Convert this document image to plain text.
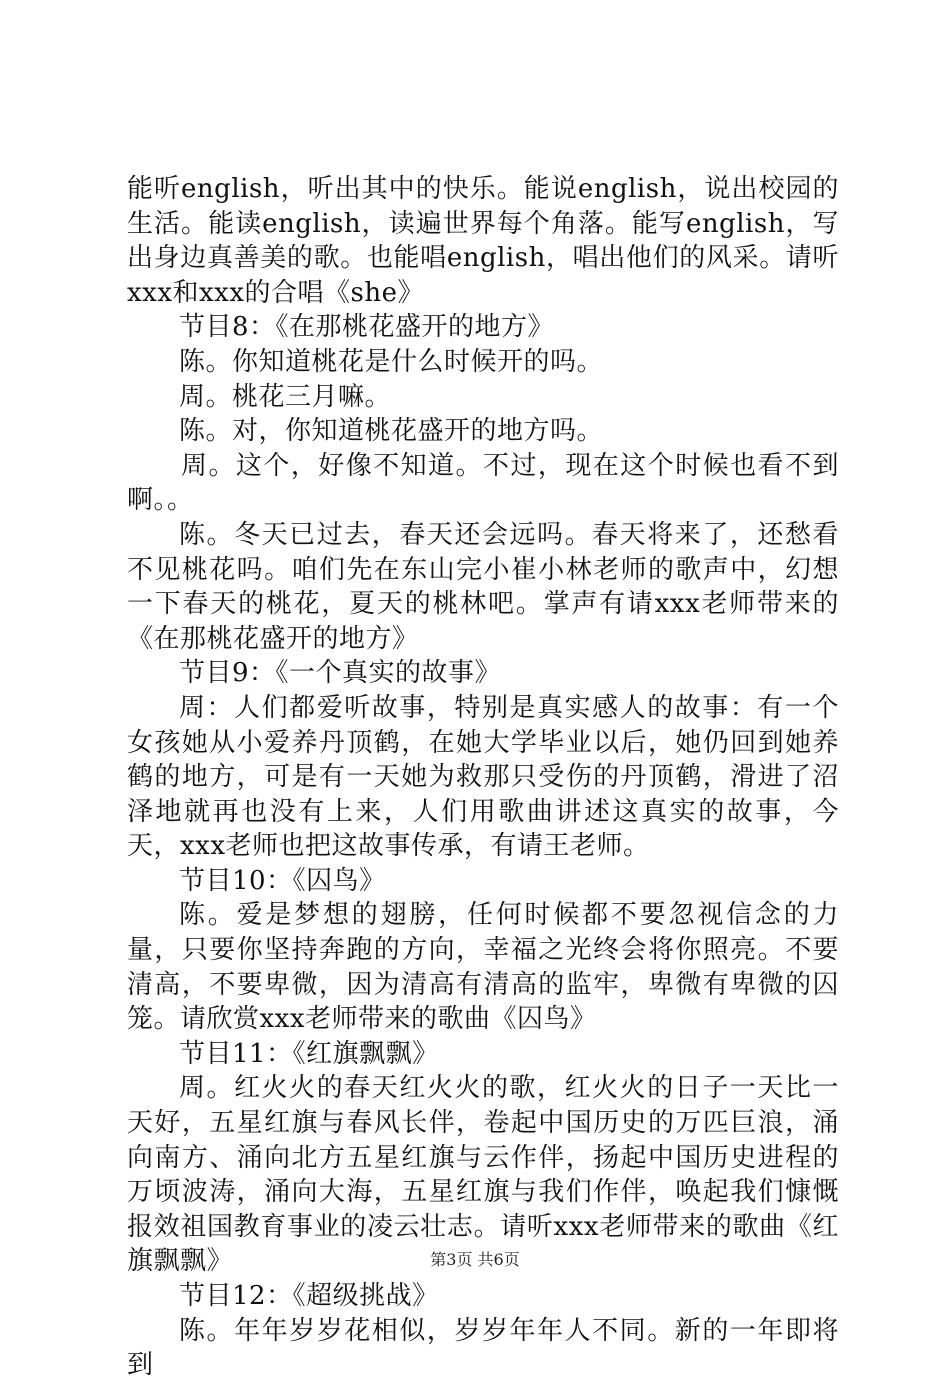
能听english，听出其中的快乐。能说english，说出校园的生活。能读english，读遍世界每个角落。能写english，写出身边真善美的歌。也能唱english，唱出他们的风采。请听xxx和xxx的合唱《she》

节目8：《在那桃花盛开的地方》

陈。你知道桃花是什么时候开的吗。

周。桃花三月嘛。

陈。对，你知道桃花盛开的地方吗。

周。这个，好像不知道。不过，现在这个时候也看不到啊。。

陈。冬天已过去，春天还会远吗。春天将来了，还愁看不见桃花吗。咱们先在东山完小崔小林老师的歌声中，幻想一下春天的桃花，夏天的桃林吧。掌声有请xxx老师带来的《在那桃花盛开的地方》

节目9：《一个真实的故事》

周：人们都爱听故事，特别是真实感人的故事：有一个女孩她从小爱养丹顶鹤，在她大学毕业以后，她仍回到她养鹤的地方，可是有一天她为救那只受伤的丹顶鹤，滑进了沼泽地就再也没有上来，人们用歌曲讲述这真实的故事，今天，xxx老师也把这故事传承，有请王老师。

节目10：《囚鸟》

陈。爱是梦想的翅膀，任何时候都不要忽视信念的力量，只要你坚持奔跑的方向，幸福之光终会将你照亮。不要清高，不要卑微，因为清高有清高的监牢，卑微有卑微的囚笼。请欣赏xxx老师带来的歌曲《囚鸟》

节目11：《红旗飘飘》

周。红火火的春天红火火的歌，红火火的日子一天比一天好，五星红旗与春风长伴，卷起中国历史的万匹巨浪，涌向南方、涌向北方五星红旗与云作伴，扬起中国历史进程的万顷波涛，涌向大海，五星红旗与我们作伴，唤起我们慷慨报效祖国教育事业的凌云壮志。请听xxx老师带来的歌曲《红旗飘飘》

节目12：《超级挑战》

陈。年年岁岁花相似，岁岁年年人不同。新的一年即将到

第3页 共6页
